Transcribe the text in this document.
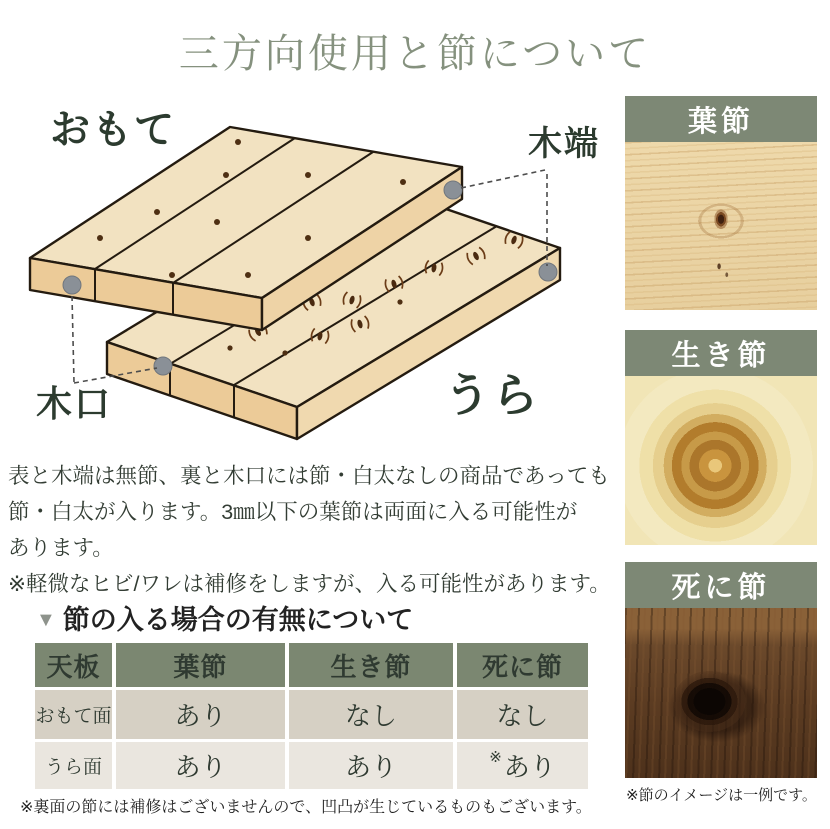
三方向使用と節について
おもて	木端
木口	うら

表と木端は無節、裏と木口には節・白太なしの商品であっても

節・白太が入ります。3㎜以下の葉節は両面に入る可能性が

あります。

※軽微なヒビ/ワレは補修をしますが、入る可能性があります。

▼ 節の入る場合の有無について
天板	葉節	生き節	死に節
おもて面	あり	なし	なし
うら面	あり	あり	※ あり

※裏面の節には補修はございませんので、凹凸が生じているものもございます。

葉節
生き節
死に節

※節のイメージは一例です。
